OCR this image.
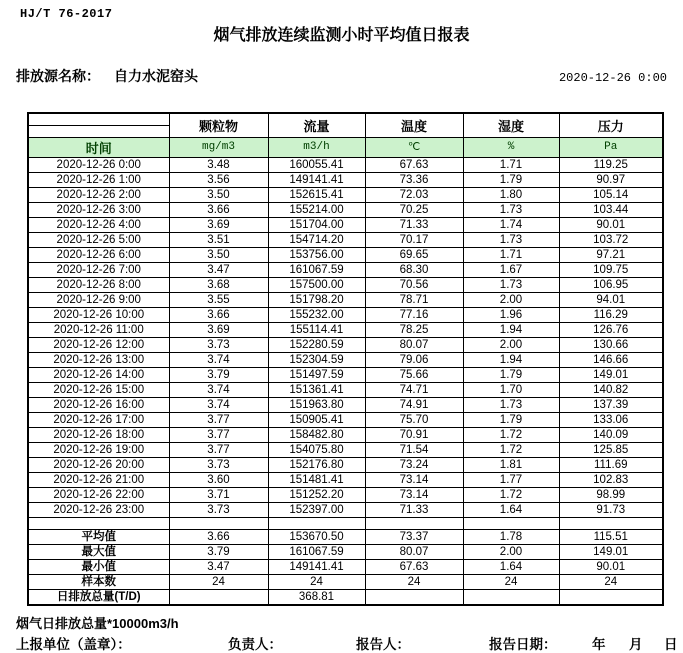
HJ/T 76-2017
烟气排放连续监测小时平均值日报表
排放源名称： 自力水泥窑头	2020-12-26 0:00
	颗粒物	流量	温度	湿度	压力

时间	mg/m3	m3/h	℃	%	Pa
2020-12-26 0:00	3.48	160055.41	67.63	1.71	119.25
2020-12-26 1:00	3.56	149141.41	73.36	1.79	90.97
2020-12-26 2:00	3.50	152615.41	72.03	1.80	105.14
2020-12-26 3:00	3.66	155214.00	70.25	1.73	103.44
2020-12-26 4:00	3.69	151704.00	71.33	1.74	90.01
2020-12-26 5:00	3.51	154714.20	70.17	1.73	103.72
2020-12-26 6:00	3.50	153756.00	69.65	1.71	97.21
2020-12-26 7:00	3.47	161067.59	68.30	1.67	109.75
2020-12-26 8:00	3.68	157500.00	70.56	1.73	106.95
2020-12-26 9:00	3.55	151798.20	78.71	2.00	94.01
2020-12-26 10:00	3.66	155232.00	77.16	1.96	116.29
2020-12-26 11:00	3.69	155114.41	78.25	1.94	126.76
2020-12-26 12:00	3.73	152280.59	80.07	2.00	130.66
2020-12-26 13:00	3.74	152304.59	79.06	1.94	146.66
2020-12-26 14:00	3.79	151497.59	75.66	1.79	149.01
2020-12-26 15:00	3.74	151361.41	74.71	1.70	140.82
2020-12-26 16:00	3.74	151963.80	74.91	1.73	137.39
2020-12-26 17:00	3.77	150905.41	75.70	1.79	133.06
2020-12-26 18:00	3.77	158482.80	70.91	1.72	140.09
2020-12-26 19:00	3.77	154075.80	71.54	1.72	125.85
2020-12-26 20:00	3.73	152176.80	73.24	1.81	111.69
2020-12-26 21:00	3.60	151481.41	73.14	1.77	102.83
2020-12-26 22:00	3.71	151252.20	73.14	1.72	98.99
2020-12-26 23:00	3.73	152397.00	71.33	1.64	91.73

平均值	3.66	153670.50	73.37	1.78	115.51
最大值	3.79	161067.59	80.07	2.00	149.01
最小值	3.47	149141.41	67.63	1.64	90.01
样本数	24	24	24	24	24
日排放总量(T/D)		368.81			
烟气日排放总量*10000m3/h
上报单位（盖章）：	负责人：	报告人：	报告日期：	年 月 日
